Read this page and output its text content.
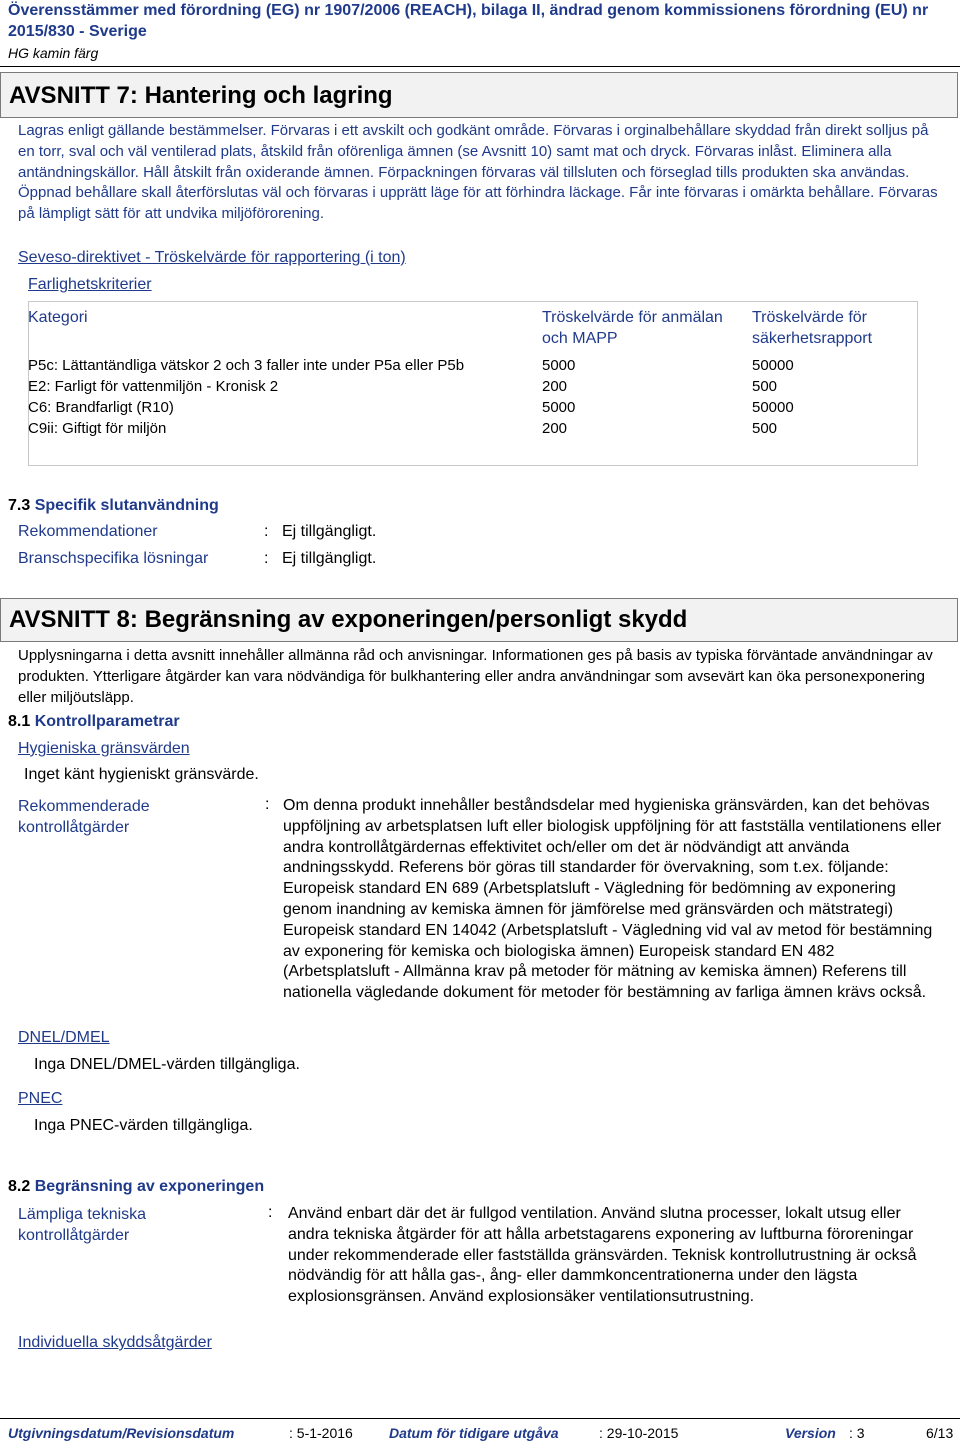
Överensstämmer med förordning (EG) nr 1907/2006 (REACH), bilaga II, ändrad genom kommissionens förordning (EU) nr 2015/830 - Sverige
HG kamin färg
AVSNITT 7: Hantering och lagring
Lagras enligt gällande bestämmelser. Förvaras i ett avskilt och godkänt område. Förvaras i orginalbehållare skyddad från direkt solljus på en torr, sval och väl ventilerad plats, åtskild från oförenliga ämnen (se Avsnitt 10) samt mat och dryck. Förvaras inlåst. Eliminera alla antändningskällor. Håll åtskilt från oxiderande ämnen. Förpackningen förvaras väl tillsluten och förseglad tills produkten ska användas. Öppnad behållare skall återförslutas väl och förvaras i upprätt läge för att förhindra läckage. Får inte förvaras i omärkta behållare. Förvaras på lämpligt sätt för att undvika miljöförorening.
Seveso-direktivet - Tröskelvärde för rapportering (i ton)
Farlighetskriterier
Kategori	Tröskelvärde för anmälan och MAPP	Tröskelvärde för säkerhetsrapport
P5c: Lättantändliga vätskor 2 och 3 faller inte under P5a eller P5b	5000	50000
E2: Farligt för vattenmiljön - Kronisk 2	200	500
C6: Brandfarligt (R10)	5000	50000
C9ii: Giftigt för miljön	200	500
7.3 Specifik slutanvändning
Rekommendationer	: Ej tillgängligt.
Branschspecifika lösningar	: Ej tillgängligt.
AVSNITT 8: Begränsning av exponeringen/personligt skydd
Upplysningarna i detta avsnitt innehåller allmänna råd och anvisningar. Informationen ges på basis av typiska förväntade användningar av produkten. Ytterligare åtgärder kan vara nödvändiga för bulkhantering eller andra användningar som avsevärt kan öka personexponering eller miljöutsläpp.
8.1 Kontrollparametrar
Hygieniska gränsvärden
Inget känt hygieniskt gränsvärde.
Rekommenderade kontrollåtgärder
: Om denna produkt innehåller beståndsdelar med hygieniska gränsvärden, kan det behövas uppföljning av arbetsplatsen luft eller biologisk uppföljning för att fastställa ventilationens eller andra kontrollåtgärdernas effektivitet och/eller om det är nödvändigt att använda andningsskydd. Referens bör göras till standarder för övervakning, som t.ex. följande: Europeisk standard EN 689 (Arbetsplatsluft - Vägledning för bedömning av exponering genom inandning av kemiska ämnen för jämförelse med gränsvärden och mätstrategi) Europeisk standard EN 14042 (Arbetsplatsluft - Vägledning vid val av metod för bestämning av exponering för kemiska och biologiska ämnen) Europeisk standard EN 482 (Arbetsplatsluft - Allmänna krav på metoder för mätning av kemiska ämnen) Referens till nationella vägledande dokument för metoder för bestämning av farliga ämnen krävs också.
DNEL/DMEL
Inga DNEL/DMEL-värden tillgängliga.
PNEC
Inga PNEC-värden tillgängliga.
8.2 Begränsning av exponeringen
Lämpliga tekniska kontrollåtgärder
: Använd enbart där det är fullgod ventilation. Använd slutna processer, lokalt utsug eller andra tekniska åtgärder för att hålla arbetstagarens exponering av luftburna föroreningar under rekommenderade eller fastställda gränsvärden. Teknisk kontrollutrustning är också nödvändig för att hålla gas-, ång- eller dammkoncentrationerna under den lägsta explosionsgränsen. Använd explosionsäker ventilationsutrustning.
Individuella skyddsåtgärder
Utgivningsdatum/Revisionsdatum	: 5-1-2016	Datum för tidigare utgåva	: 29-10-2015	Version : 3	6/13
